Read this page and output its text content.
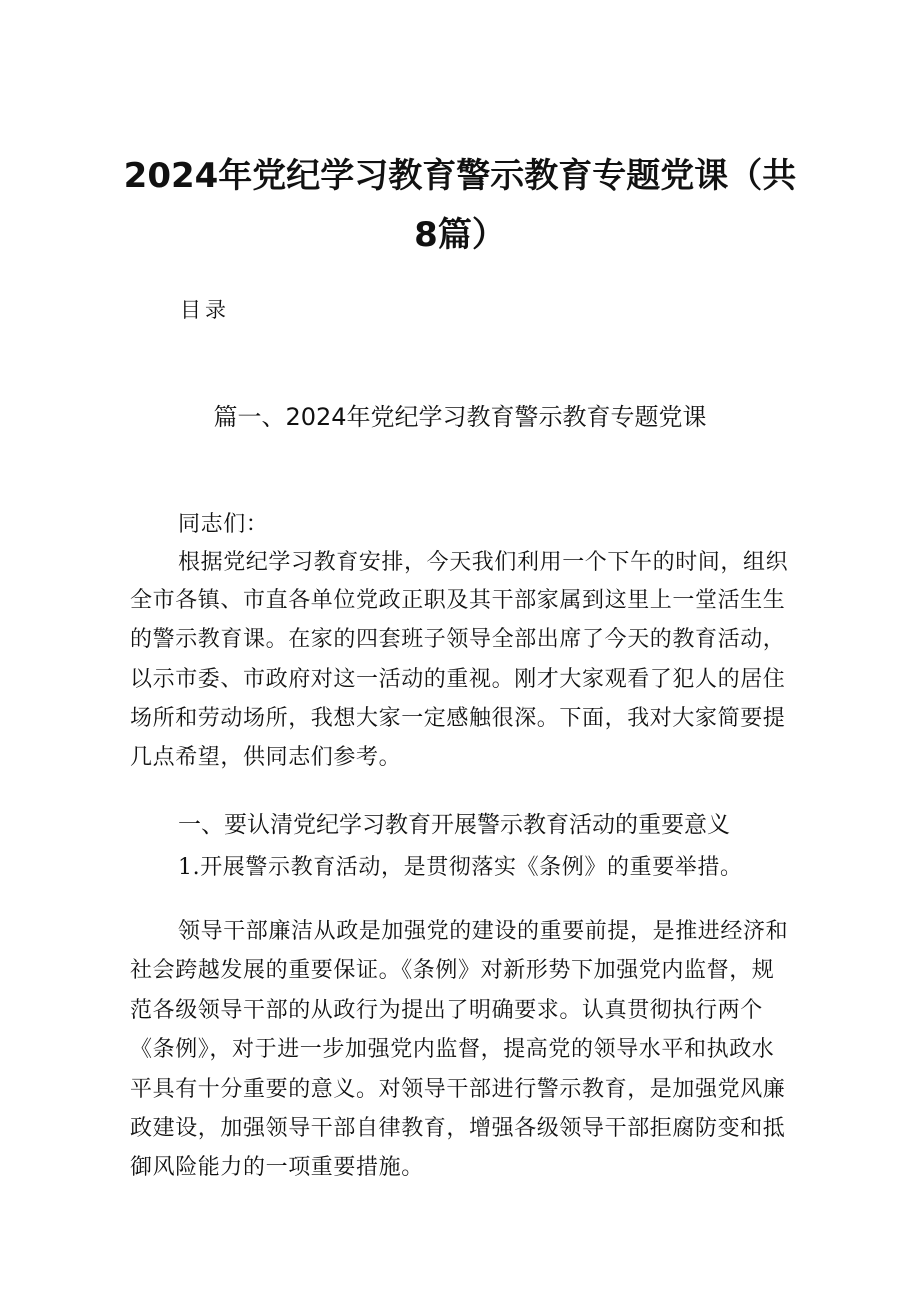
2024年党纪学习教育警示教育专题党课（共
8篇）
目录
篇一、2024年党纪学习教育警示教育专题党课
同志们：
根据党纪学习教育安排，今天我们利用一个下午的时间，组织
全市各镇、市直各单位党政正职及其干部家属到这里上一堂活生生
的警示教育课。在家的四套班子领导全部出席了今天的教育活动，
以示市委、市政府对这一活动的重视。刚才大家观看了犯人的居住
场所和劳动场所，我想大家一定感触很深。下面，我对大家简要提
几点希望，供同志们参考。
一、要认清党纪学习教育开展警示教育活动的重要意义
1.开展警示教育活动，是贯彻落实《条例》的重要举措。
领导干部廉洁从政是加强党的建设的重要前提，是推进经济和
社会跨越发展的重要保证。《条例》对新形势下加强党内监督，规
范各级领导干部的从政行为提出了明确要求。认真贯彻执行两个
《条例》，对于进一步加强党内监督，提高党的领导水平和执政水
平具有十分重要的意义。对领导干部进行警示教育，是加强党风廉
政建设，加强领导干部自律教育，增强各级领导干部拒腐防变和抵
御风险能力的一项重要措施。
